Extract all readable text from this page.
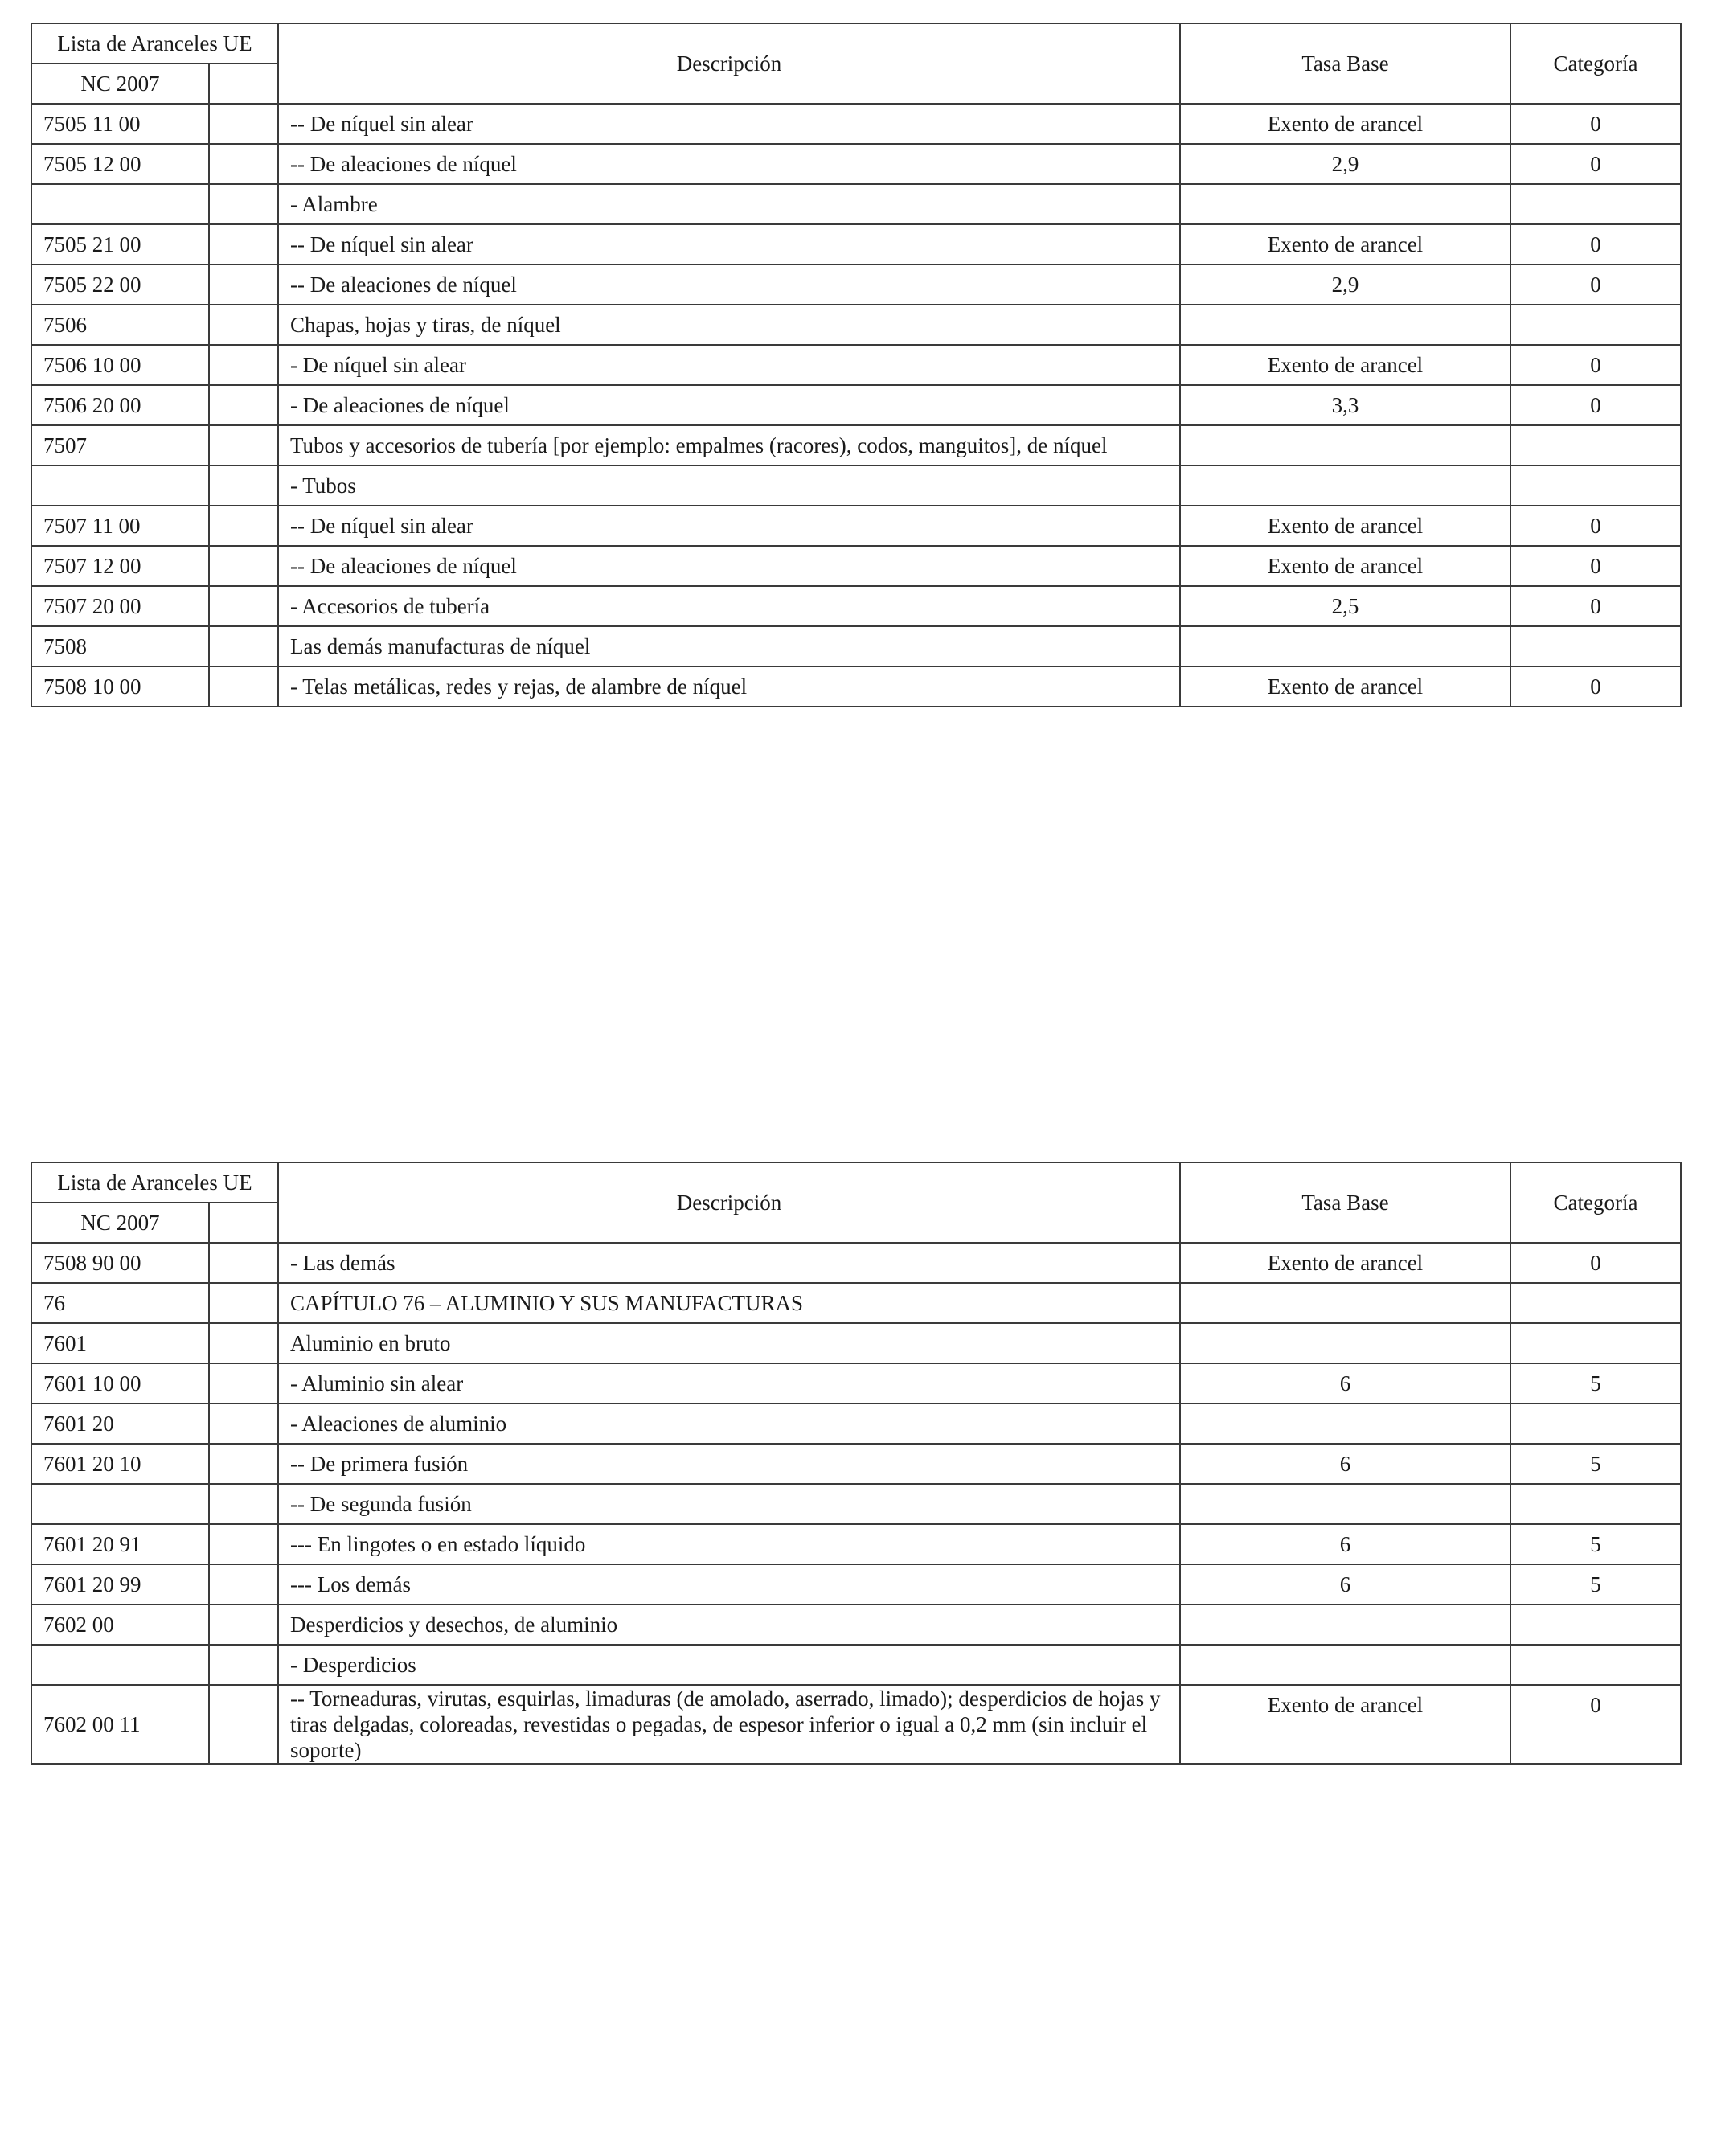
Lista de Aranceles UE		Descripción	Tasa Base	Categoría
NC 2007				
7505 11 00		-- De níquel sin alear	Exento de arancel	0
7505 12 00		-- De aleaciones de níquel	2,9	0
		- Alambre		
7505 21 00		-- De níquel sin alear	Exento de arancel	0
7505 22 00		-- De aleaciones de níquel	2,9	0
7506		Chapas, hojas y tiras, de níquel		
7506 10 00		- De níquel sin alear	Exento de arancel	0
7506 20 00		- De aleaciones de níquel	3,3	0
7507		Tubos y accesorios de tubería [por ejemplo: empalmes (racores), codos, manguitos], de níquel		
		- Tubos		
7507 11 00		-- De níquel sin alear	Exento de arancel	0
7507 12 00		-- De aleaciones de níquel	Exento de arancel	0
7507 20 00		- Accesorios de tubería	2,5	0
7508		Las demás manufacturas de níquel		
7508 10 00		- Telas metálicas, redes y rejas, de alambre de níquel	Exento de arancel	0
Lista de Aranceles UE		Descripción	Tasa Base	Categoría
NC 2007				
7508 90 00		- Las demás	Exento de arancel	0
76		CAPÍTULO 76 – ALUMINIO Y SUS MANUFACTURAS		
7601		Aluminio en bruto		
7601 10 00		- Aluminio sin alear	6	5
7601 20		- Aleaciones de aluminio		
7601 20 10		-- De primera fusión	6	5
		-- De segunda fusión		
7601 20 91		--- En lingotes o en estado líquido	6	5
7601 20 99		--- Los demás	6	5
7602 00		Desperdicios y desechos, de aluminio		
		- Desperdicios		
7602 00 11		-- Torneaduras, virutas, esquirlas, limaduras (de amolado, aserrado, limado); desperdicios de hojas y tiras delgadas, coloreadas, revestidas o pegadas, de espesor inferior o igual a 0,2 mm (sin incluir el soporte)	Exento de arancel	0
